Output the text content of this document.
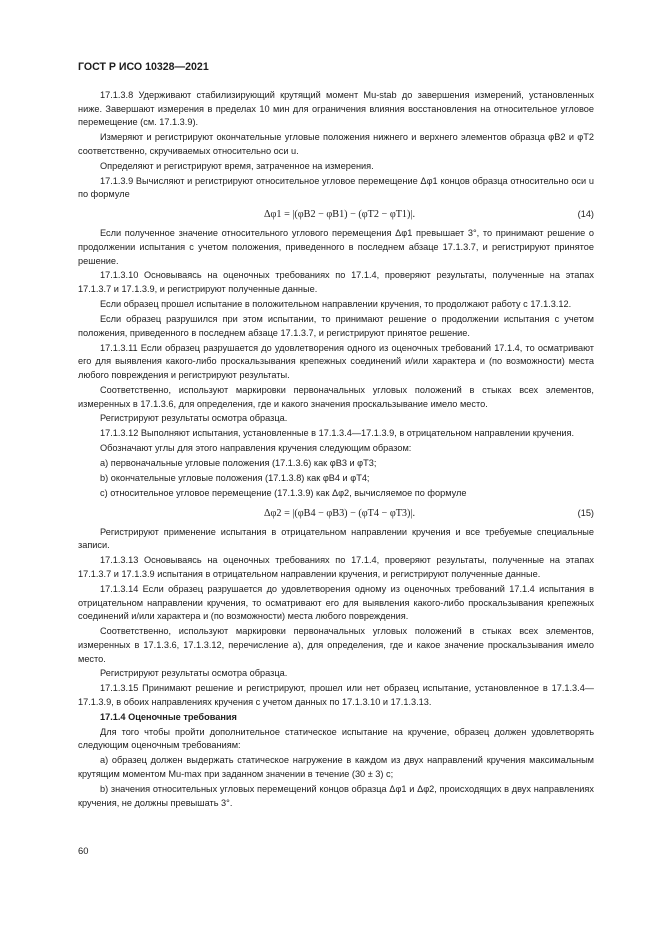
ГОСТ Р ИСО 10328—2021

17.1.3.8 Удерживают стабилизирующий крутящий момент Mu-stab до завершения измерений, установленных ниже. Завершают измерения в пределах 10 мин для ограничения влияния восстановления на относительное угловое перемещение (см. 17.1.3.9).

Измеряют и регистрируют окончательные угловые положения нижнего и верхнего элементов образца φB2 и φT2 соответственно, скручиваемых относительно оси u.

Определяют и регистрируют время, затраченное на измерения.

17.1.3.9 Вычисляют и регистрируют относительное угловое перемещение Δφ1 концов образца относительно оси u по формуле

Δφ1 = |(φB2 − φB1) − (φT2 − φT1)|.	(14)

Если полученное значение относительного углового перемещения Δφ1 превышает 3°, то принимают решение о продолжении испытания с учетом положения, приведенного в последнем абзаце 17.1.3.7, и регистрируют принятое решение.

17.1.3.10 Основываясь на оценочных требованиях по 17.1.4, проверяют результаты, полученные на этапах 17.1.3.7 и 17.1.3.9, и регистрируют полученные данные.

Если образец прошел испытание в положительном направлении кручения, то продолжают работу с 17.1.3.12.

Если образец разрушился при этом испытании, то принимают решение о продолжении испытания с учетом положения, приведенного в последнем абзаце 17.1.3.7, и регистрируют принятое решение.

17.1.3.11 Если образец разрушается до удовлетворения одного из оценочных требований 17.1.4, то осматривают его для выявления какого-либо проскальзывания крепежных соединений и/или характера и (по возможности) места любого повреждения и регистрируют результаты.

Соответственно, используют маркировки первоначальных угловых положений в стыках всех элементов, измеренных в 17.1.3.6, для определения, где и какого значения проскальзывание имело место.

Регистрируют результаты осмотра образца.

17.1.3.12 Выполняют испытания, установленные в 17.1.3.4—17.1.3.9, в отрицательном направлении кручения.

Обозначают углы для этого направления кручения следующим образом:

a) первоначальные угловые положения (17.1.3.6) как φB3 и φT3;

b) окончательные угловые положения (17.1.3.8) как φB4 и φT4;

c) относительное угловое перемещение (17.1.3.9) как Δφ2, вычисляемое по формуле

Δφ2 = |(φB4 − φB3) − (φT4 − φT3)|.	(15)

Регистрируют применение испытания в отрицательном направлении кручения и все требуемые специальные записи.

17.1.3.13 Основываясь на оценочных требованиях по 17.1.4, проверяют результаты, полученные на этапах 17.1.3.7 и 17.1.3.9 испытания в отрицательном направлении кручения, и регистрируют полученные данные.

17.1.3.14 Если образец разрушается до удовлетворения одному из оценочных требований 17.1.4 испытания в отрицательном направлении кручения, то осматривают его для выявления какого-либо проскальзывания крепежных соединений и/или характера и (по возможности) места любого повреждения.

Соответственно, используют маркировки первоначальных угловых положений в стыках всех элементов, измеренных в 17.1.3.6, 17.1.3.12, перечисление а), для определения, где и какое значение проскальзывания имело место.

Регистрируют результаты осмотра образца.

17.1.3.15 Принимают решение и регистрируют, прошел или нет образец испытание, установленное в 17.1.3.4—17.1.3.9, в обоих направлениях кручения с учетом данных по 17.1.3.10 и 17.1.3.13.

17.1.4 Оценочные требования

Для того чтобы пройти дополнительное статическое испытание на кручение, образец должен удовлетворять следующим оценочным требованиям:

a) образец должен выдержать статическое нагружение в каждом из двух направлений кручения максимальным крутящим моментом Mu-max при заданном значении в течение (30 ± 3) с;

b) значения относительных угловых перемещений концов образца Δφ1 и Δφ2, происходящих в двух направлениях кручения, не должны превышать 3°.

60
